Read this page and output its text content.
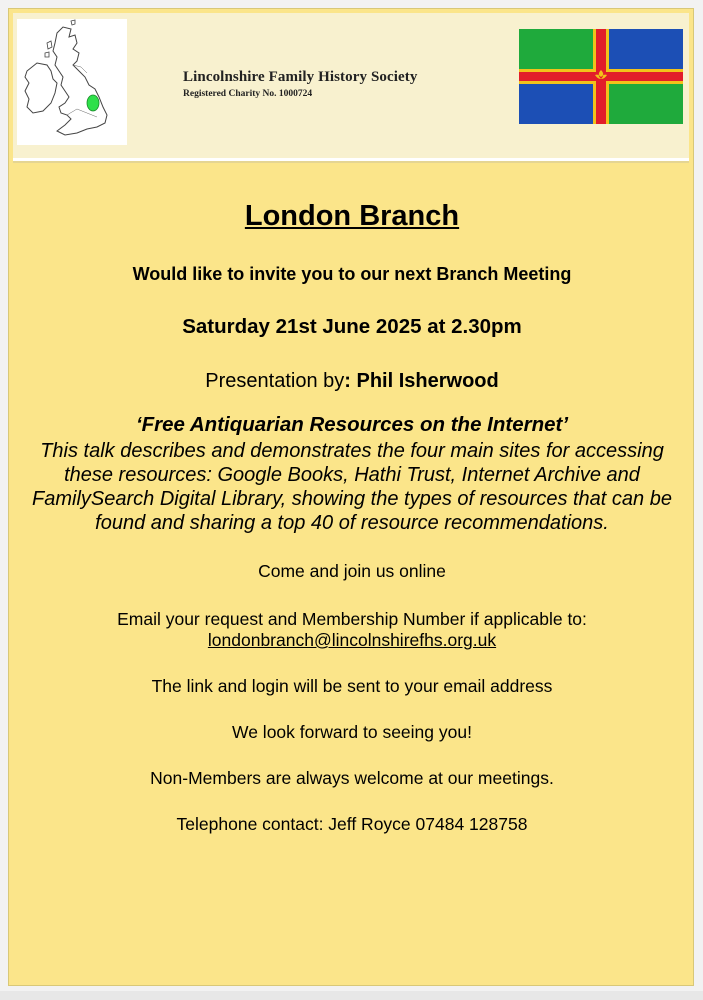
Lincolnshire Family History Society
Registered Charity No. 1000724
London Branch
Would like to invite you to our next Branch Meeting
Saturday 21st June 2025 at 2.30pm
Presentation by: Phil Isherwood
‘Free Antiquarian Resources on the Internet’
This talk describes and demonstrates the four main sites for accessing these resources: Google Books, Hathi Trust, Internet Archive and FamilySearch Digital Library, showing the types of resources that can be found and sharing a top 40 of resource recommendations.
Come and join us online
Email your request and Membership Number if applicable to:
londonbranch@lincolnshirefhs.org.uk
The link and login will be sent to your email address
We look forward to seeing you!
Non-Members are always welcome at our meetings.
Telephone contact: Jeff Royce 07484 128758
